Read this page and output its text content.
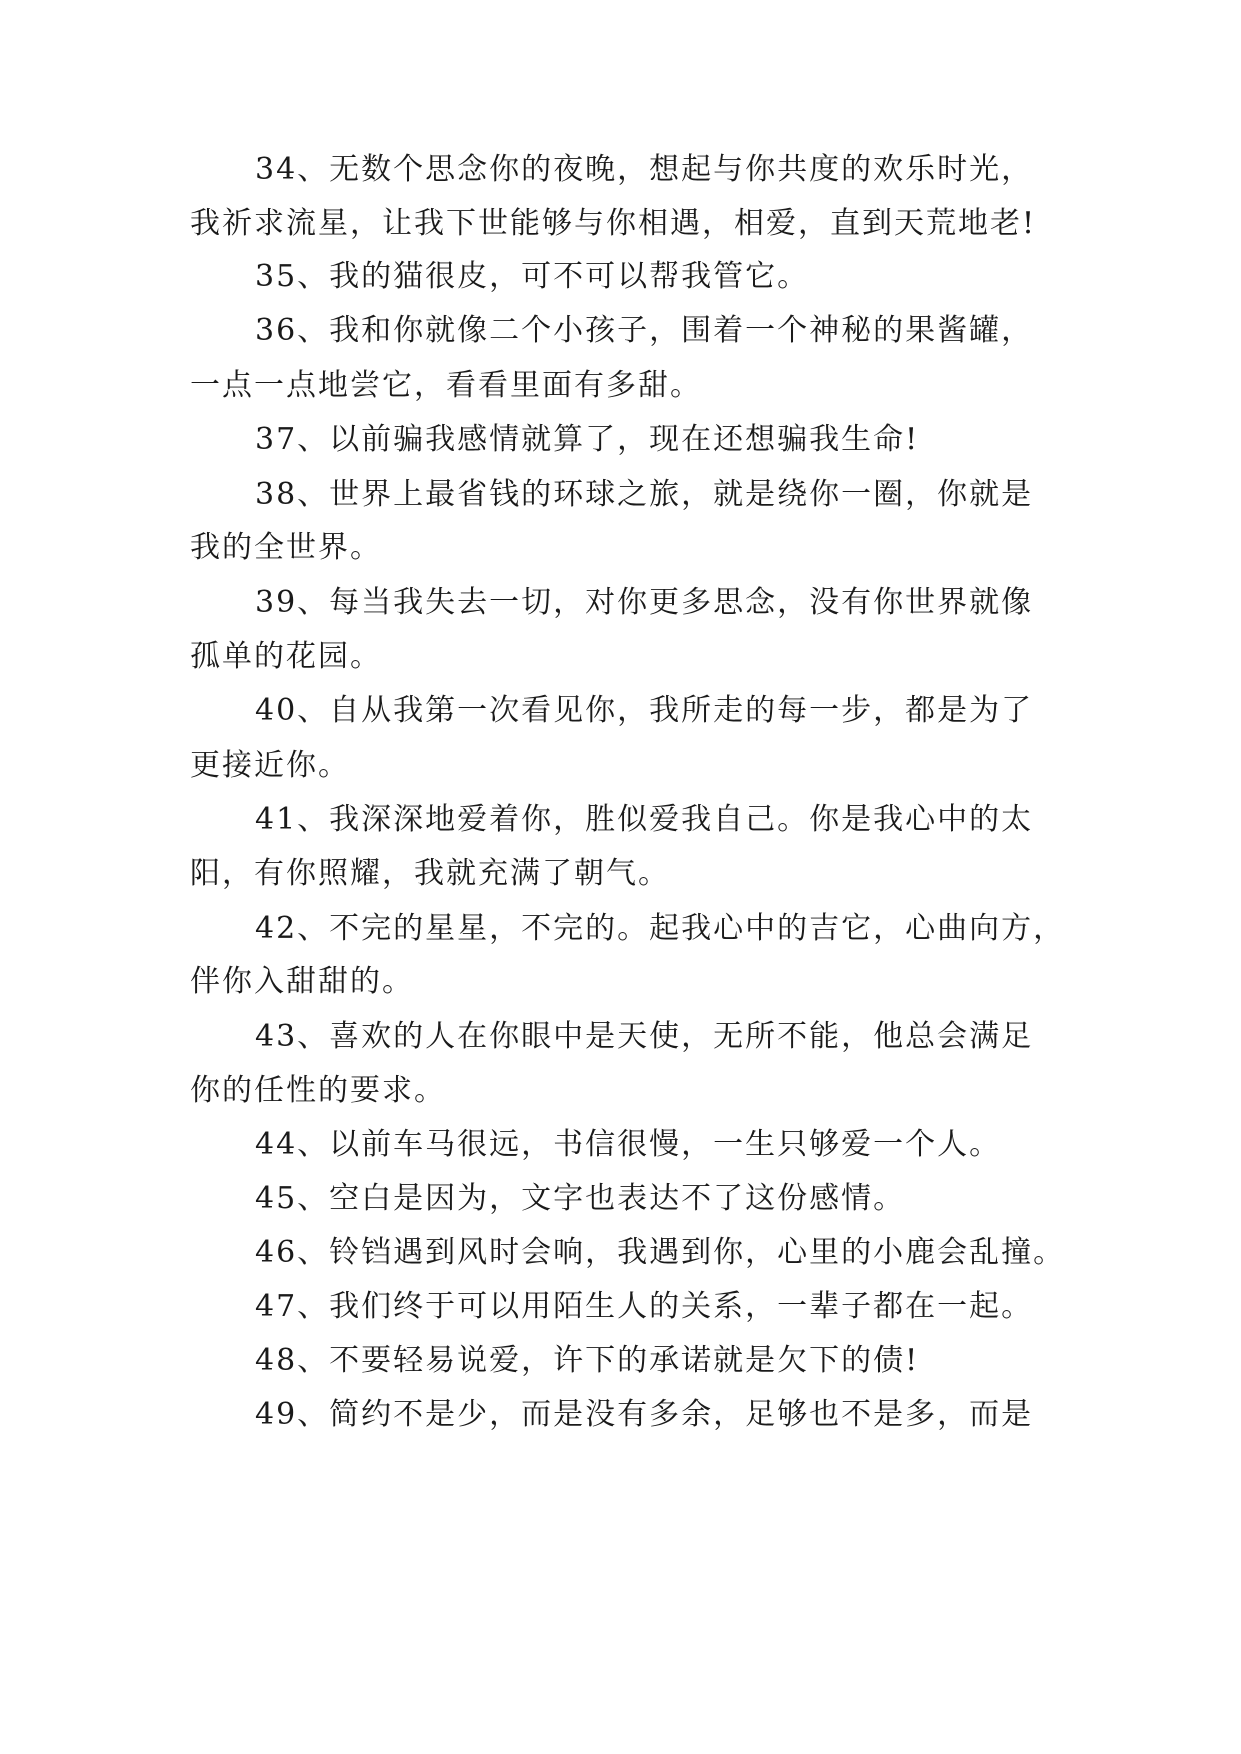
34、无数个思念你的夜晚，想起与你共度的欢乐时光，
我祈求流星，让我下世能够与你相遇，相爱，直到天荒地老!
35、我的猫很皮，可不可以帮我管它。
36、我和你就像二个小孩子，围着一个神秘的果酱罐，
一点一点地尝它，看看里面有多甜。
37、以前骗我感情就算了，现在还想骗我生命!
38、世界上最省钱的环球之旅，就是绕你一圈，你就是
我的全世界。
39、每当我失去一切，对你更多思念，没有你世界就像
孤单的花园。
40、自从我第一次看见你，我所走的每一步，都是为了
更接近你。
41、我深深地爱着你，胜似爱我自己。你是我心中的太
阳，有你照耀，我就充满了朝气。
42、不完的星星，不完的。起我心中的吉它，心曲向方，
伴你入甜甜的。
43、喜欢的人在你眼中是天使，无所不能，他总会满足
你的任性的要求。
44、以前车马很远，书信很慢，一生只够爱一个人。
45、空白是因为，文字也表达不了这份感情。
46、铃铛遇到风时会响，我遇到你，心里的小鹿会乱撞。
47、我们终于可以用陌生人的关系，一辈子都在一起。
48、不要轻易说爱，许下的承诺就是欠下的债!
49、简约不是少，而是没有多余，足够也不是多，而是
